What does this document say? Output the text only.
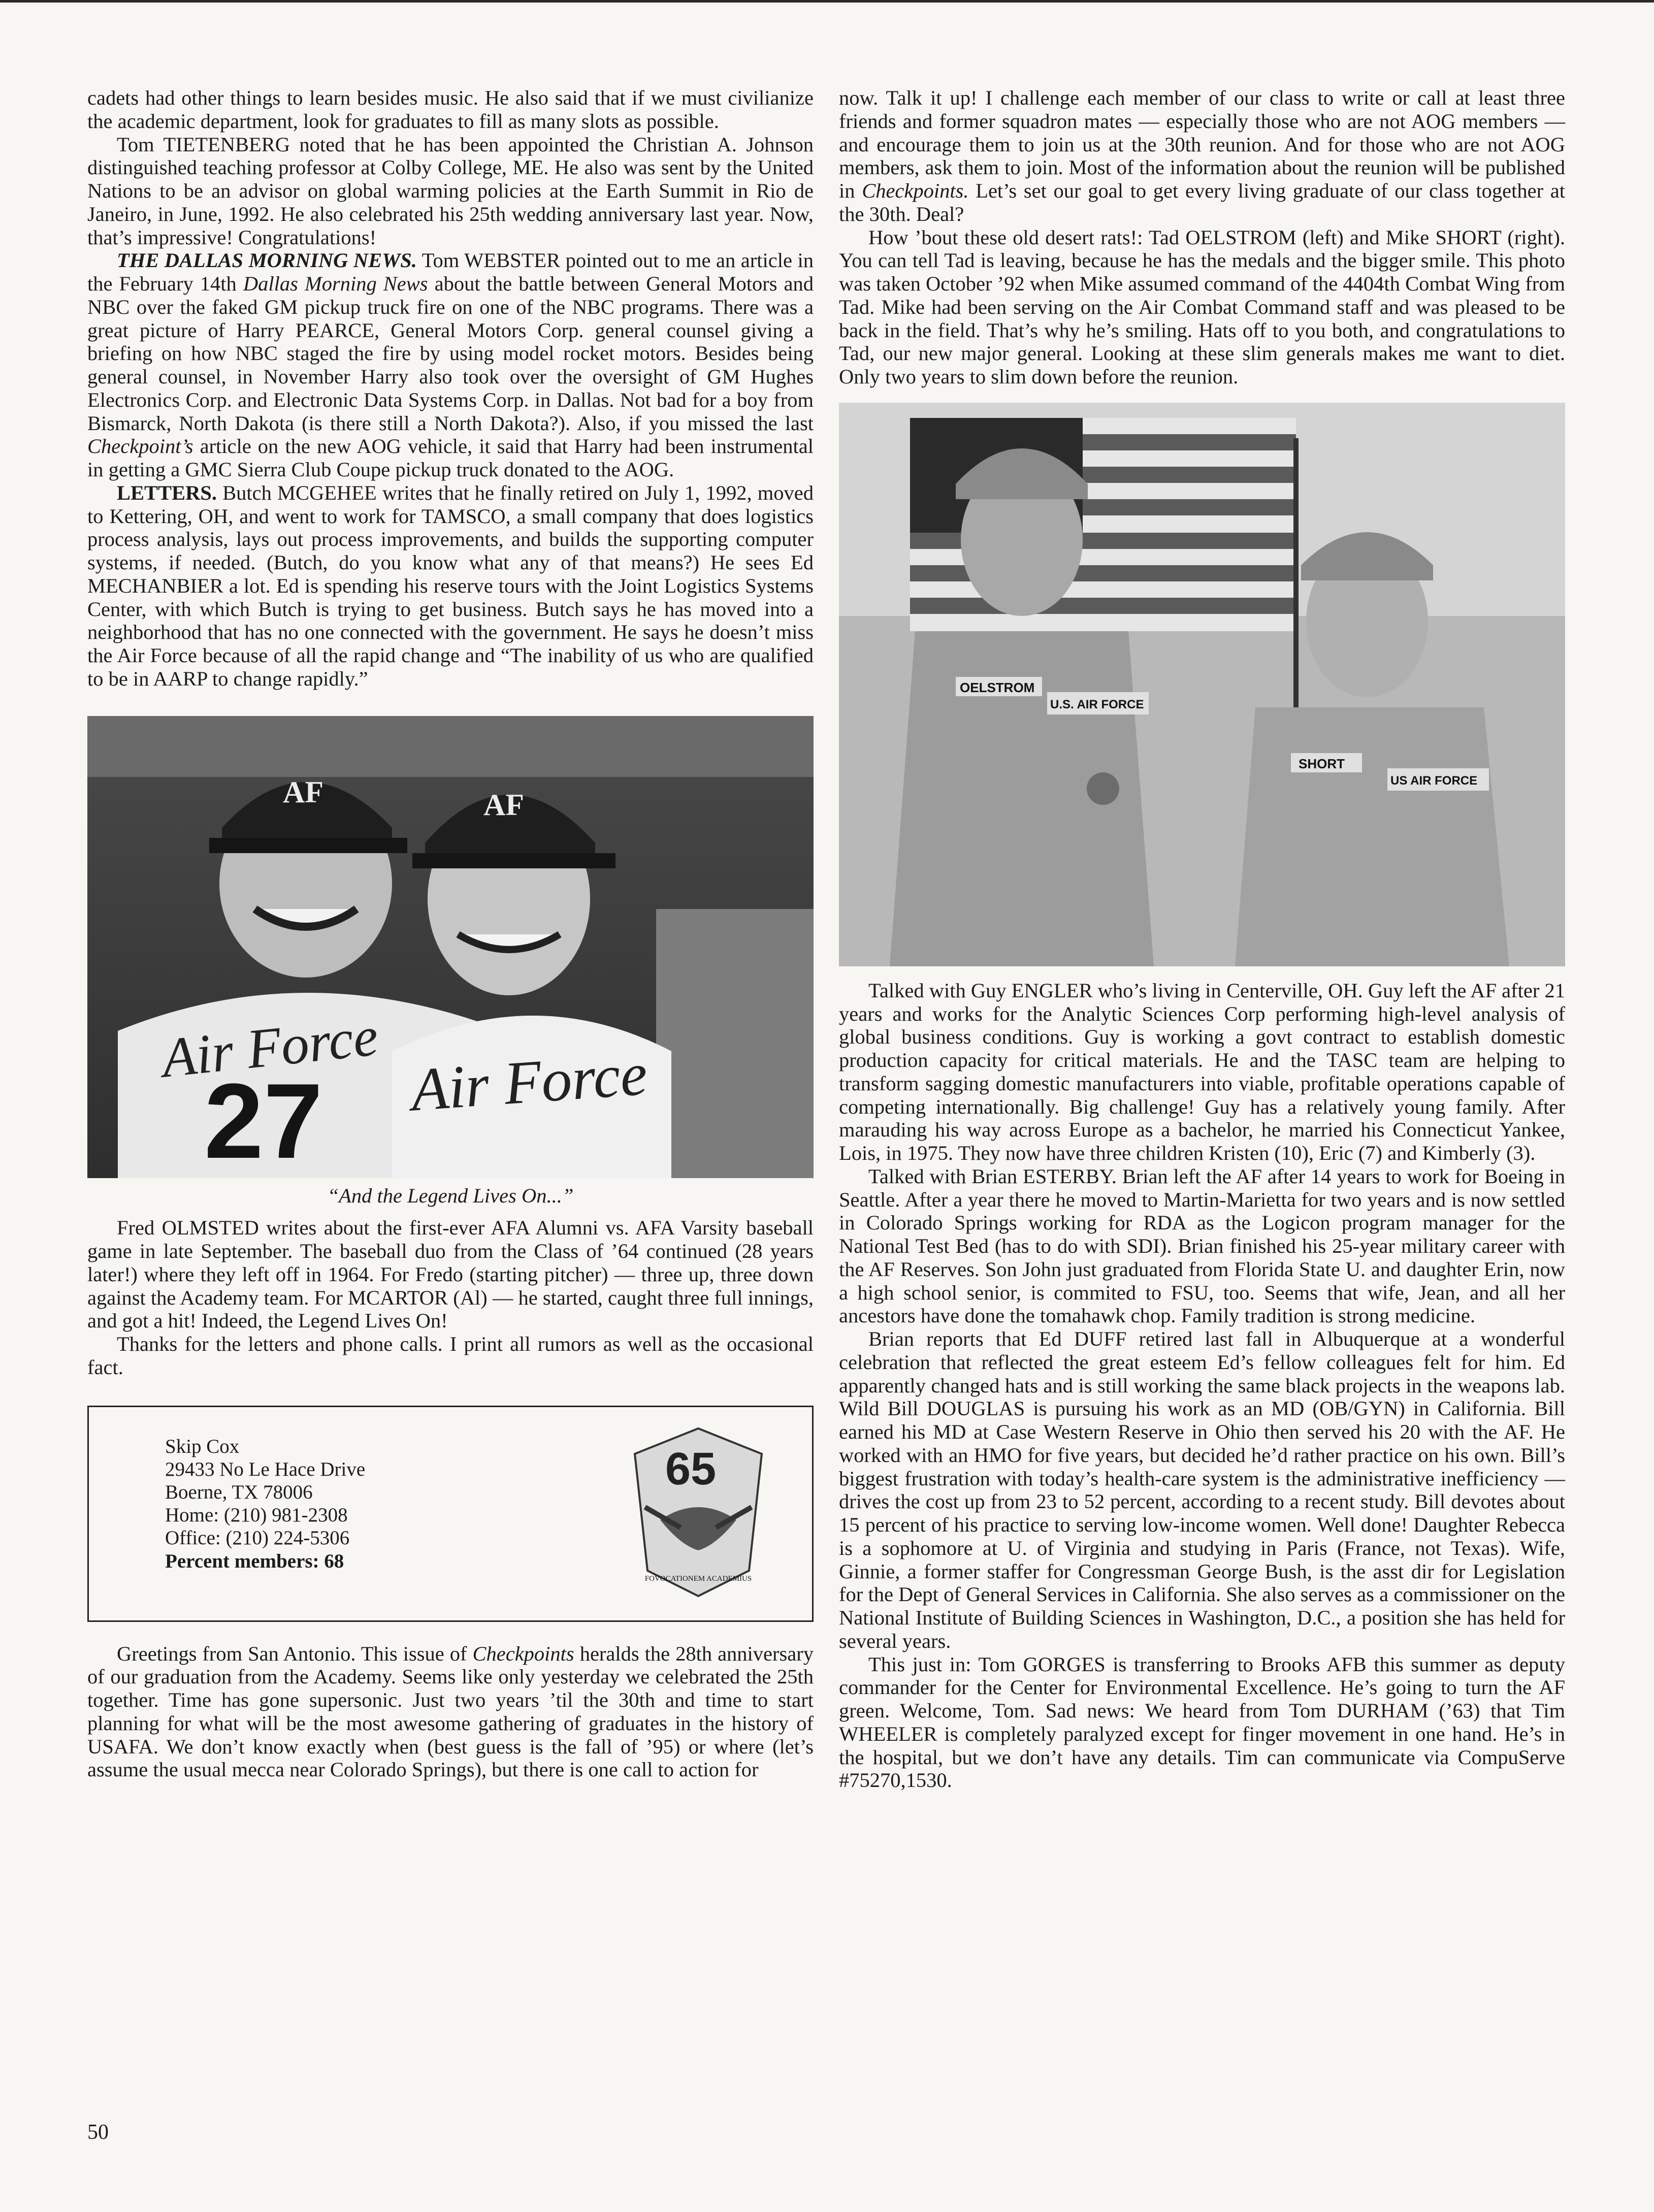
cadets had other things to learn besides music. He also said that if we must civilianize the academic department, look for graduates to fill as many slots as possible.

Tom TIETENBERG noted that he has been appointed the Christian A. Johnson distinguished teaching professor at Colby College, ME. He also was sent by the United Nations to be an advisor on global warming policies at the Earth Summit in Rio de Janeiro, in June, 1992. He also celebrated his 25th wedding anniversary last year. Now, that’s impressive! Congratulations!

THE DALLAS MORNING NEWS. Tom WEBSTER pointed out to me an article in the February 14th Dallas Morning News about the battle between General Motors and NBC over the faked GM pickup truck fire on one of the NBC programs. There was a great picture of Harry PEARCE, General Motors Corp. general counsel giving a briefing on how NBC staged the fire by using model rocket motors. Besides being general counsel, in November Harry also took over the oversight of GM Hughes Electronics Corp. and Electronic Data Systems Corp. in Dallas. Not bad for a boy from Bismarck, North Dakota (is there still a North Dakota?). Also, if you missed the last Checkpoint’s article on the new AOG vehicle, it said that Harry had been instrumental in getting a GMC Sierra Club Coupe pickup truck donated to the AOG.

LETTERS. Butch MCGEHEE writes that he finally retired on July 1, 1992, moved to Kettering, OH, and went to work for TAMSCO, a small company that does logistics process analysis, lays out process improvements, and builds the supporting computer systems, if needed. (Butch, do you know what any of that means?) He sees Ed MECHANBIER a lot. Ed is spending his reserve tours with the Joint Logistics Systems Center, with which Butch is trying to get business. Butch says he has moved into a neighborhood that has no one connected with the government. He says he doesn’t miss the Air Force because of all the rapid change and “The inability of us who are qualified to be in AARP to change rapidly.”

AF
Air Force
27
AF
Air Force
“And the Legend Lives On...”

Fred OLMSTED writes about the first-ever AFA Alumni vs. AFA Varsity baseball game in late September. The baseball duo from the Class of ’64 continued (28 years later!) where they left off in 1964. For Fredo (starting pitcher) — three up, three down against the Academy team. For MCARTOR (Al) — he started, caught three full innings, and got a hit! Indeed, the Legend Lives On!

Thanks for the letters and phone calls. I print all rumors as well as the occasional fact.

Skip Cox
29433 No Le Hace Drive
Boerne, TX 78006
Home: (210) 981-2308
Office: (210) 224-5306
Percent members: 68
65
FOVOCATIONEM ACADEMIUS

Greetings from San Antonio. This issue of Checkpoints heralds the 28th anniversary of our graduation from the Academy. Seems like only yesterday we celebrated the 25th together. Time has gone supersonic. Just two years ’til the 30th and time to start planning for what will be the most awesome gathering of graduates in the history of USAFA. We don’t know exactly when (best guess is the fall of ’95) or where (let’s assume the usual mecca near Colorado Springs), but there is one call to action for

now. Talk it up! I challenge each member of our class to write or call at least three friends and former squadron mates — especially those who are not AOG members — and encourage them to join us at the 30th reunion. And for those who are not AOG members, ask them to join. Most of the information about the reunion will be published in Checkpoints. Let’s set our goal to get every living graduate of our class together at the 30th. Deal?

How ’bout these old desert rats!: Tad OELSTROM (left) and Mike SHORT (right). You can tell Tad is leaving, because he has the medals and the bigger smile. This photo was taken October ’92 when Mike assumed command of the 4404th Combat Wing from Tad. Mike had been serving on the Air Combat Command staff and was pleased to be back in the field. That’s why he’s smiling. Hats off to you both, and congratulations to Tad, our new major general. Looking at these slim generals makes me want to diet. Only two years to slim down before the reunion.

OELSTROM
U.S. AIR FORCE
SHORT
US AIR FORCE

Talked with Guy ENGLER who’s living in Centerville, OH. Guy left the AF after 21 years and works for the Analytic Sciences Corp performing high-level analysis of global business conditions. Guy is working a govt contract to establish domestic production capacity for critical materials. He and the TASC team are helping to transform sagging domestic manufacturers into viable, profitable operations capable of competing internationally. Big challenge! Guy has a relatively young family. After marauding his way across Europe as a bachelor, he married his Connecticut Yankee, Lois, in 1975. They now have three children Kristen (10), Eric (7) and Kimberly (3).

Talked with Brian ESTERBY. Brian left the AF after 14 years to work for Boeing in Seattle. After a year there he moved to Martin-Marietta for two years and is now settled in Colorado Springs working for RDA as the Logicon program manager for the National Test Bed (has to do with SDI). Brian finished his 25-year military career with the AF Reserves. Son John just graduated from Florida State U. and daughter Erin, now a high school senior, is commited to FSU, too. Seems that wife, Jean, and all her ancestors have done the tomahawk chop. Family tradition is strong medicine.

Brian reports that Ed DUFF retired last fall in Albuquerque at a wonderful celebration that reflected the great esteem Ed’s fellow colleagues felt for him. Ed apparently changed hats and is still working the same black projects in the weapons lab. Wild Bill DOUGLAS is pursuing his work as an MD (OB/GYN) in California. Bill earned his MD at Case Western Reserve in Ohio then served his 20 with the AF. He worked with an HMO for five years, but decided he’d rather practice on his own. Bill’s biggest frustration with today’s health-care system is the administrative inefficiency — drives the cost up from 23 to 52 percent, according to a recent study. Bill devotes about 15 percent of his practice to serving low-income women. Well done! Daughter Rebecca is a sophomore at U. of Virginia and studying in Paris (France, not Texas). Wife, Ginnie, a former staffer for Congressman George Bush, is the asst dir for Legislation for the Dept of General Services in California. She also serves as a commissioner on the National Institute of Building Sciences in Washington, D.C., a position she has held for several years.

This just in: Tom GORGES is transferring to Brooks AFB this summer as deputy commander for the Center for Environmental Excellence. He’s going to turn the AF green. Welcome, Tom. Sad news: We heard from Tom DURHAM (’63) that Tim WHEELER is completely paralyzed except for finger movement in one hand. He’s in the hospital, but we don’t have any details. Tim can communicate via CompuServe #75270,1530.

50
